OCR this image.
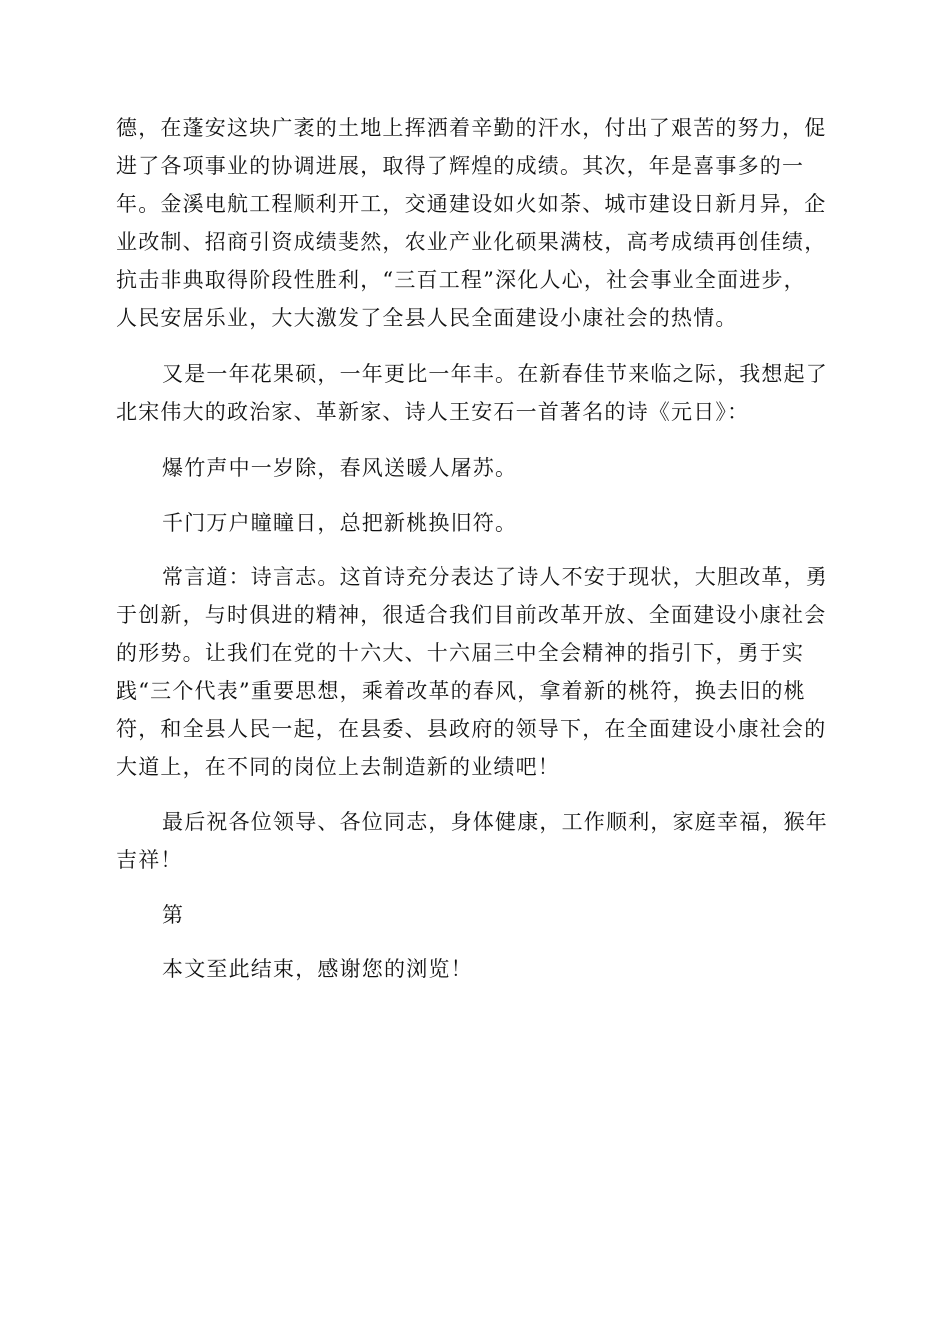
德，在蓬安这块广袤的土地上挥洒着辛勤的汗水，付出了艰苦的努力，促
进了各项事业的协调进展，取得了辉煌的成绩。其次，年是喜事多的一
年。金溪电航工程顺利开工，交通建设如火如荼、城市建设日新月异，企
业改制、招商引资成绩斐然，农业产业化硕果满枝，高考成绩再创佳绩，
抗击非典取得阶段性胜利，“三百工程”深化人心，社会事业全面进步，
人民安居乐业，大大激发了全县人民全面建设小康社会的热情。
又是一年花果硕，一年更比一年丰。在新春佳节来临之际，我想起了
北宋伟大的政治家、革新家、诗人王安石一首著名的诗《元日》：
爆竹声中一岁除，春风送暖人屠苏。
千门万户瞳瞳日，总把新桃换旧符。
常言道：诗言志。这首诗充分表达了诗人不安于现状，大胆改革，勇
于创新，与时俱进的精神，很适合我们目前改革开放、全面建设小康社会
的形势。让我们在党的十六大、十六届三中全会精神的指引下，勇于实
践“三个代表”重要思想，乘着改革的春风，拿着新的桃符，换去旧的桃
符，和全县人民一起，在县委、县政府的领导下，在全面建设小康社会的
大道上，在不同的岗位上去制造新的业绩吧！
最后祝各位领导、各位同志，身体健康，工作顺利，家庭幸福，猴年
吉祥！
第
本文至此结束，感谢您的浏览！
